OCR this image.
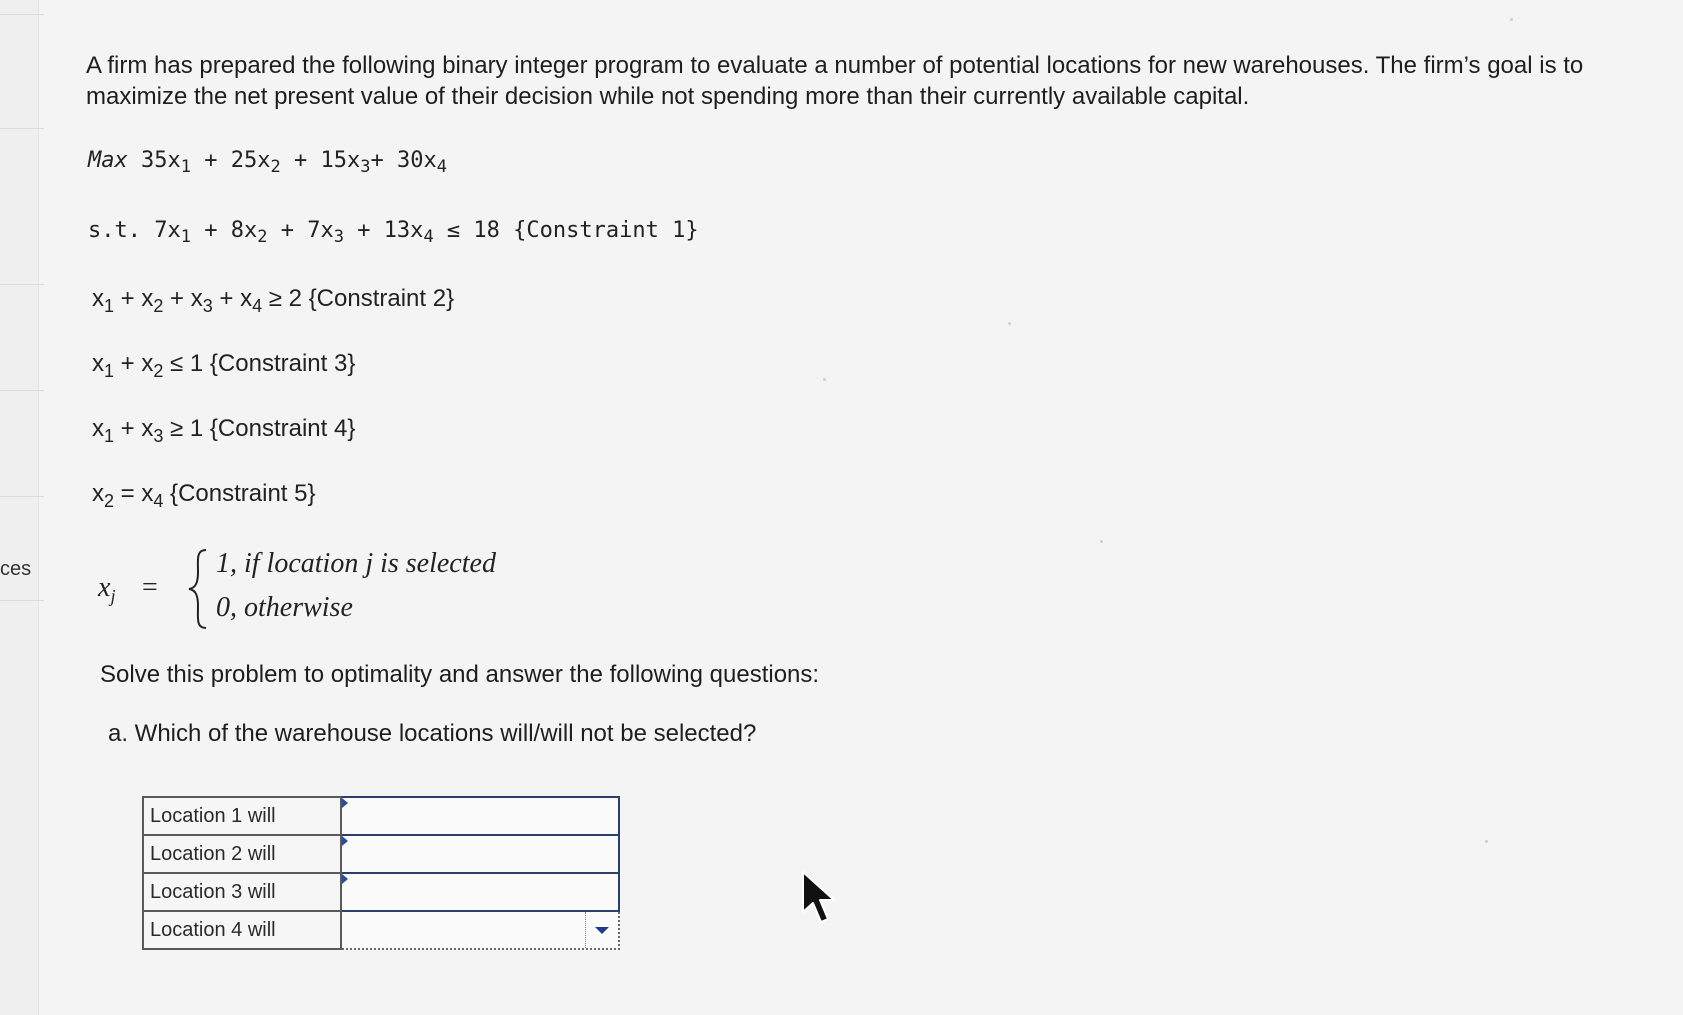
ces
A firm has prepared the following binary integer program to evaluate a number of potential locations for new warehouses. The firm’s goal is to maximize the net present value of their decision while not spending more than their currently available capital.
Max $35x_1 + 25x_2 + 15x_3+ 30x_4$
s.t. $7x_1 + 8x_2 + 7x_3 + 13x_4 \le 18$ {Constraint 1}
$x_1 + x_2 + x_3 + x_4 \ge 2$ {Constraint 2}
$x_1 + x_2 \le 1$ {Constraint 3}
$x_1 + x_3 \ge 1$ {Constraint 4}
$x_2 = x_4$ {Constraint 5}
$x_j$ =
1, if location j is selected
0, otherwise
Solve this problem to optimality and answer the following questions:
a. Which of the warehouse locations will/will not be selected?
Location 1 will	

Location 2 will	

Location 3 will	

Location 4 will	
